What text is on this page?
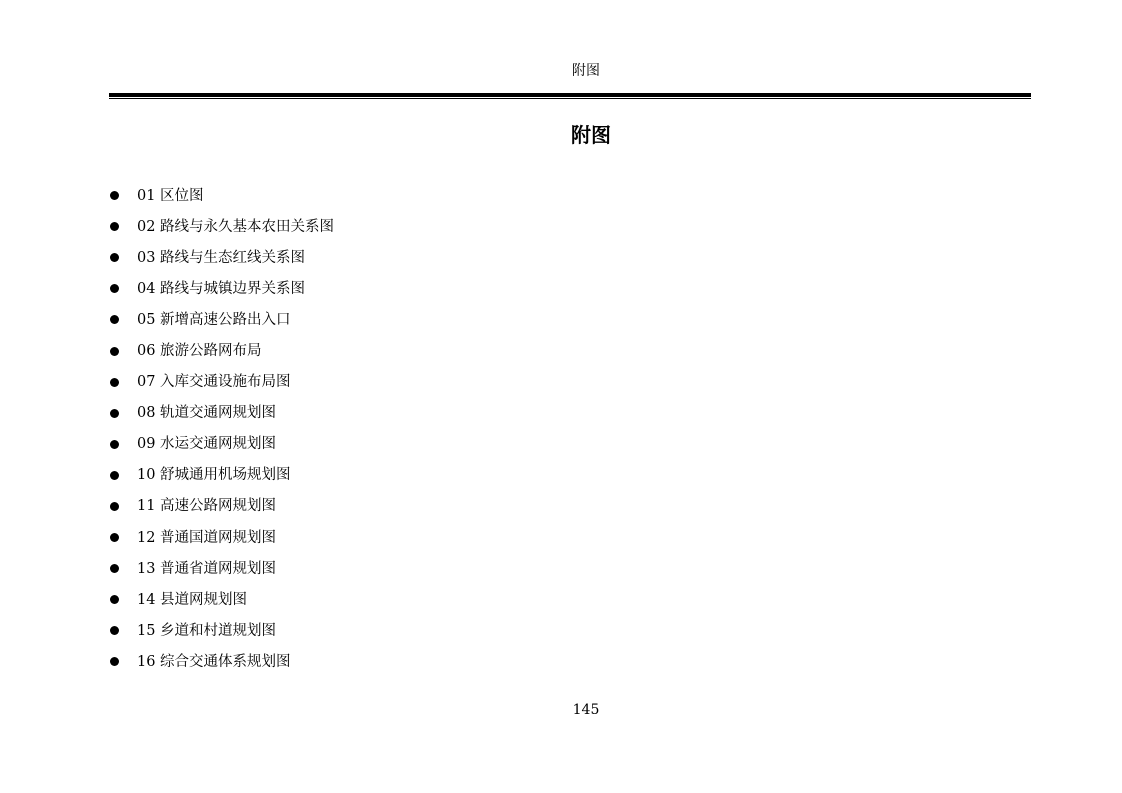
附图
附图
01 区位图
02 路线与永久基本农田关系图
03 路线与生态红线关系图
04 路线与城镇边界关系图
05 新增高速公路出入口
06 旅游公路网布局
07 入库交通设施布局图
08 轨道交通网规划图
09 水运交通网规划图
10 舒城通用机场规划图
11 高速公路网规划图
12 普通国道网规划图
13 普通省道网规划图
14 县道网规划图
15 乡道和村道规划图
16 综合交通体系规划图
145
